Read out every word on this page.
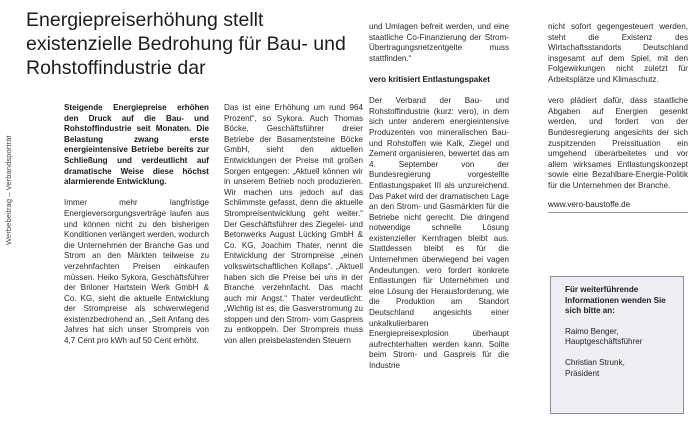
Energiepreiserhöhung stellt existenzielle Bedrohung für Bau- und Rohstoffindustrie dar
Werbebeitrag – Verbandsporträt

Steigende Energiepreise erhöhen den Druck auf die Bau- und Rohstoffindustrie seit Monaten. Die Belastung zwang erste energieintensive Betriebe bereits zur Schließung und verdeutlicht auf dramatische Weise diese höchst alarmierende Entwicklung.

Immer mehr langfristige Energieversorgungsverträge laufen aus und können nicht zu den bisherigen Konditionen verlängert werden, wodurch die Unternehmen der Branche Gas und Strom an den Märkten teilweise zu verzehnfachten Preisen einkaufen müssen. Heiko Sykora, Geschäftsführer der Briloner Hartstein Werk GmbH & Co. KG, sieht die aktuelle Entwicklung der Strompreise als schwerwiegend existenzbedrohend an. „Seit Anfang des Jahres hat sich unser Strompreis von 4,7 Cent pro kWh auf 50 Cent erhöht.

Das ist eine Erhöhung um rund 964 Prozent“, so Sykora. Auch Thomas Böcke, Geschäftsführer dreier Betriebe der Basamentsteine Böcke GmbH, sieht den aktuellen Entwicklungen der Preise mit großen Sorgen entgegen: „Aktuell können wir in unserem Betrieb noch produzieren. Wir machen uns jedoch auf das Schlimmste gefasst, denn die aktuelle Strompreisentwicklung geht weiter.“ Der Geschäftsführer des Ziegelei- und Betonwerks August Lücking GmbH & Co. KG, Joachim Thater, nennt die Entwicklung der Strompreise „einen volkswirtschaftlichen Kollaps“. „Aktuell haben sich die Preise bei uns in der Branche verzehnfacht. Das macht auch mir Angst.“ Thater verdeutlicht: „Wichtig ist es, die Gasverstromung zu stoppen und den Strom- vom Gaspreis zu entkoppeln. Der Strompreis muss von allen preisbelastenden Steuern

und Umlagen befreit werden, und eine staatliche Co-Finanzierung der Strom-Übertragungsnetzentgelte muss stattfinden.“

vero kritisiert Entlastungspaket

Der Verband der Bau- und Rohstoffindustrie (kurz: vero), in dem sich unter anderem energieintensive Produzenten von mineralischen Bau- und Rohstoffen wie Kalk, Ziegel und Zement organisieren, bewertet das am 4. September von der Bundesregierung vorgestellte Entlastungspaket III als unzureichend. Das Paket wird der dramatischen Lage an den Strom- und Gasmärkten für die Betriebe nicht gerecht. Die dringend notwendige schnelle Lösung existenzieller Kernfragen bleibt aus. Stattdessen bleibt es für die Unternehmen überwiegend bei vagen Andeutungen. vero fordert konkrete Entlastungen für Unternehmen und eine Lösung der Herausforderung, wie die Produktion am Standort Deutschland angesichts einer unkalkulierbaren Energiepreisexplosion überhaupt aufrechterhalten werden kann. Sollte beim Strom- und Gaspreis für die Industrie

nicht sofort gegengesteuert werden, steht die Existenz des Wirtschaftsstandorts Deutschland insgesamt auf dem Spiel, mit den Folgewirkungen nicht zuletzt für Arbeitsplätze und Klimaschutz.

vero plädiert dafür, dass staatliche Abgaben auf Energien gesenkt werden, und fordert von der Bundesregierung angesichts der sich zuspitzenden Preissituation ein umgehend überarbeitetes und vor allem wirksames Entlastungskonzept sowie eine Bezahlbare-Energie-Politik für die Unternehmen der Branche.

www.vero-baustoffe.de

Für weiterführende Informationen wenden Sie sich bitte an:

Raimo Benger,
Hauptgeschäftsführer

Christian Strunk,
Präsident
